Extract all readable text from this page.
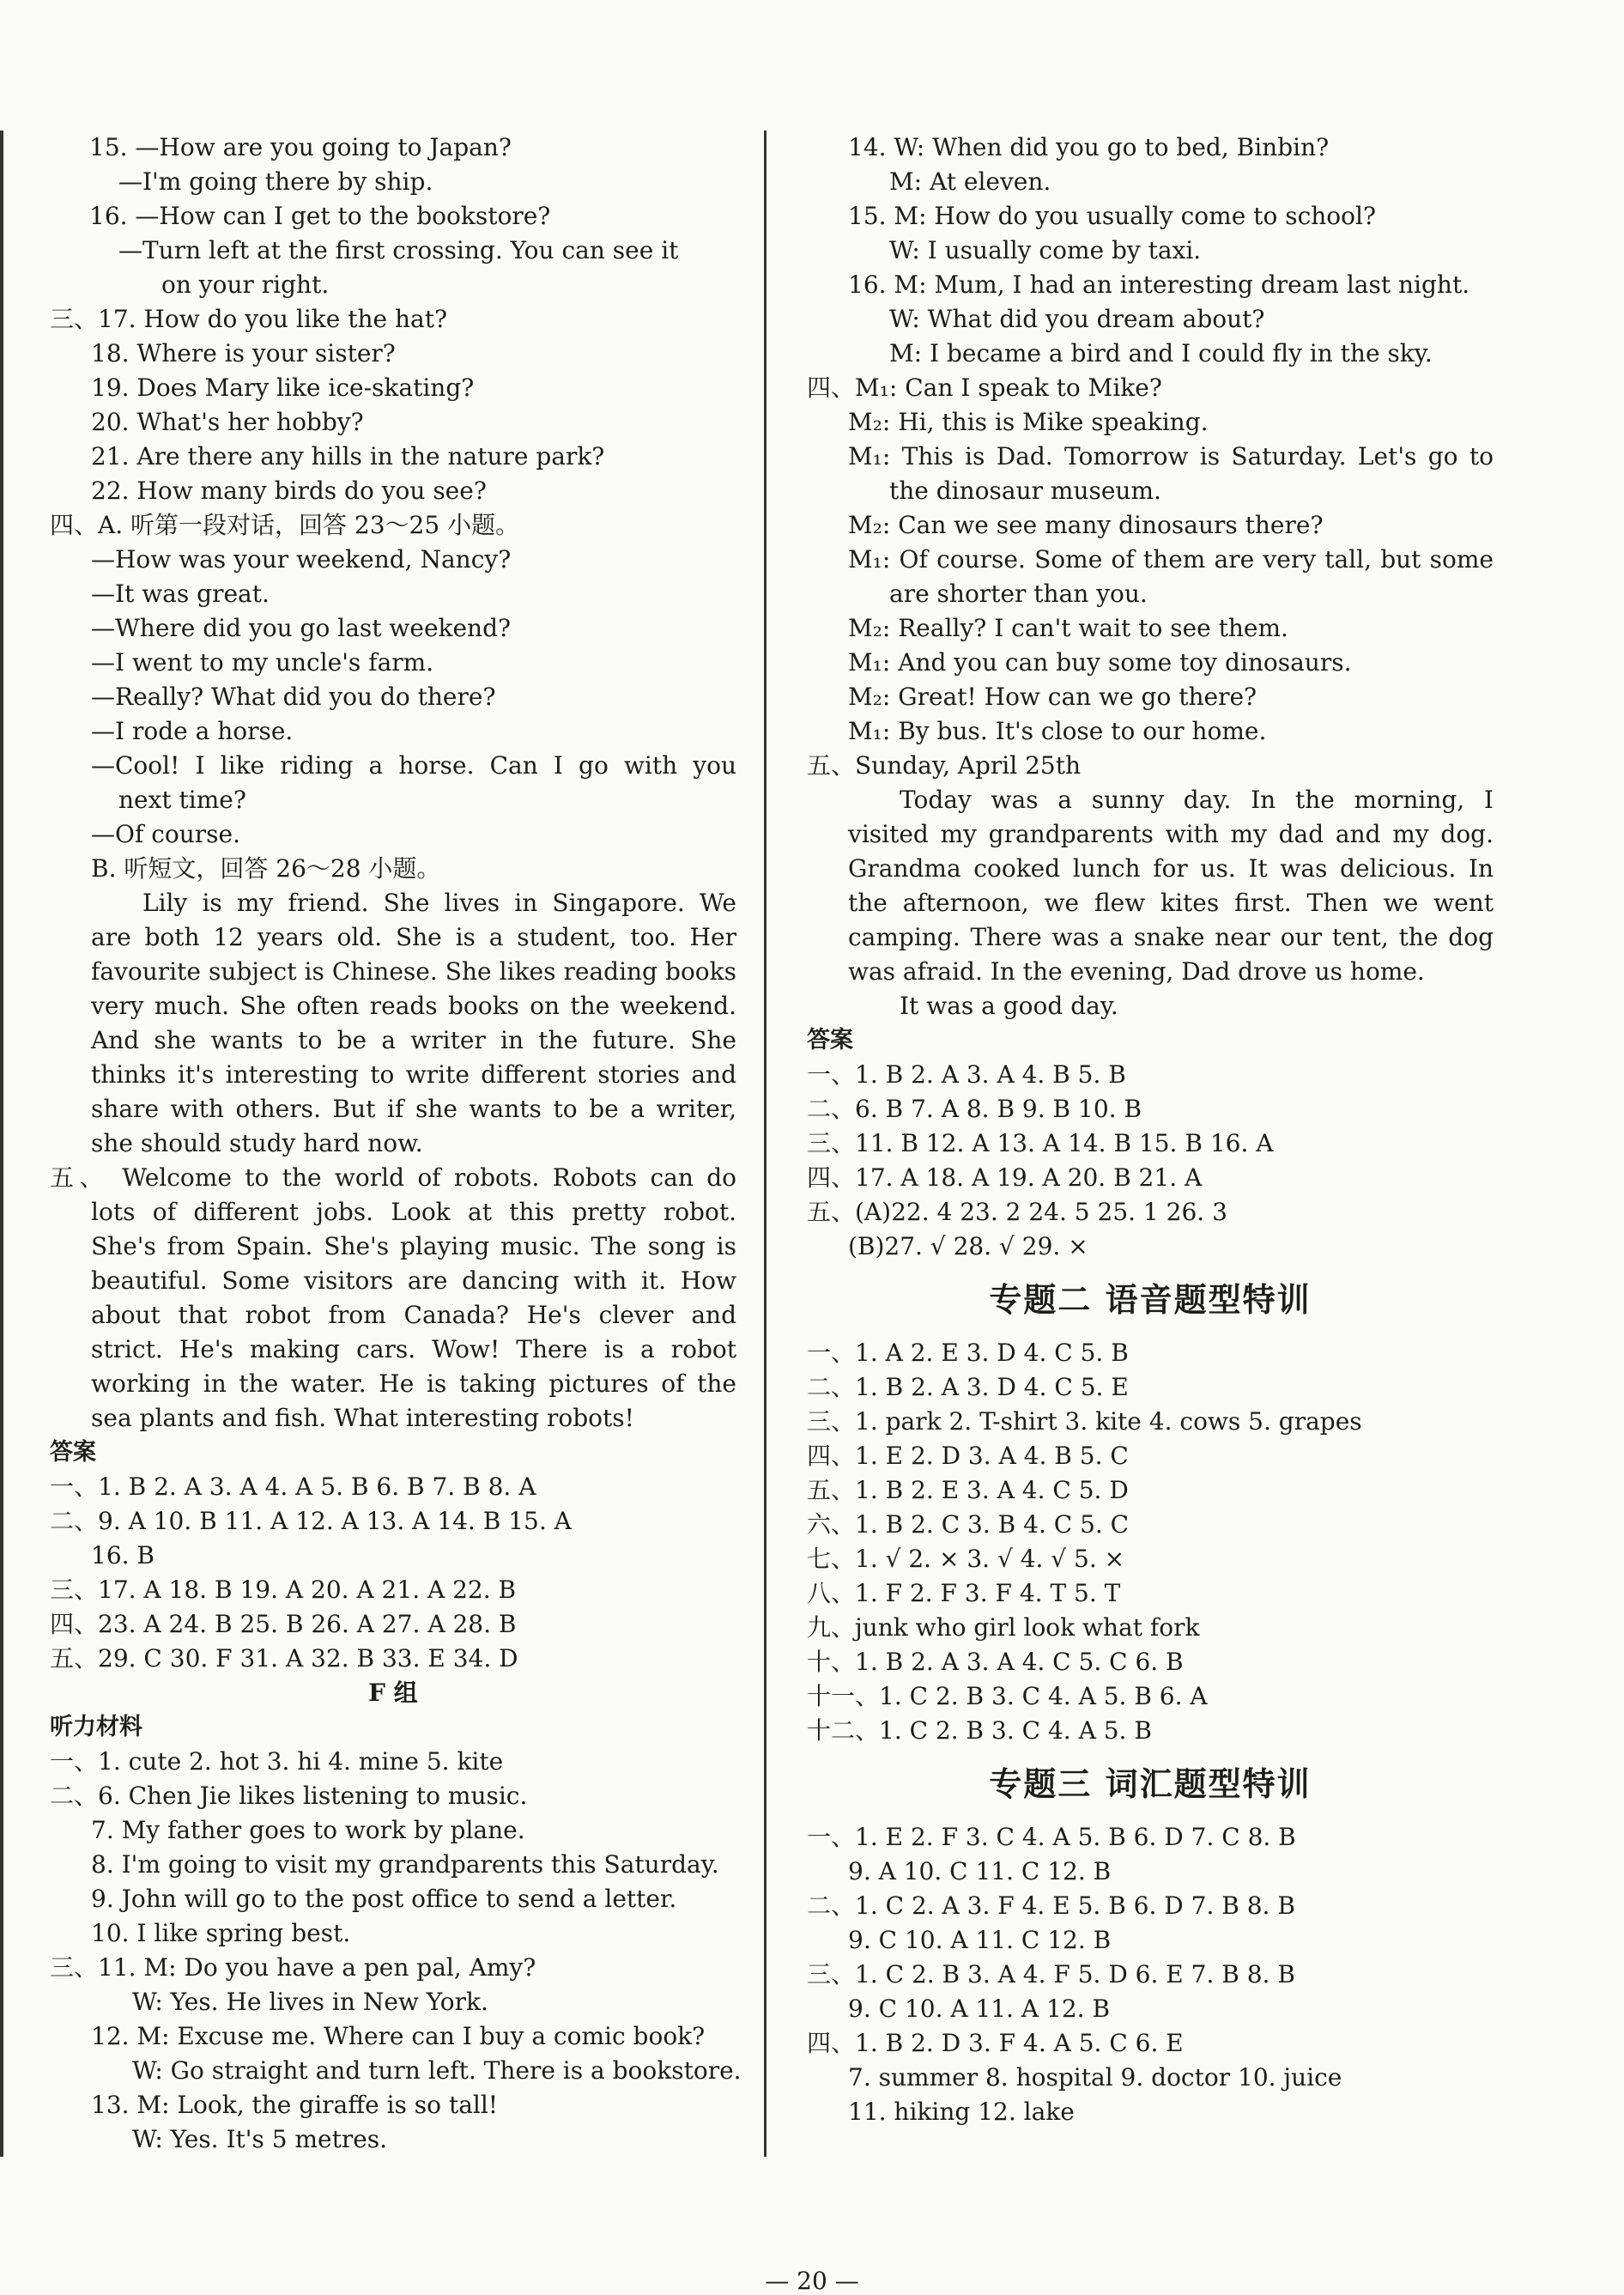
15. —How are you going to Japan?
—I'm going there by ship.
16. —How can I get to the bookstore?
—Turn left at the first crossing. You can see it
on your right.
三、17. How do you like the hat?
18. Where is your sister?
19. Does Mary like ice-skating?
20. What's her hobby?
21. Are there any hills in the nature park?
22. How many birds do you see?
四、A. 听第一段对话，回答 23～25 小题。
—How was your weekend, Nancy?
—It was great.
—Where did you go last weekend?
—I went to my uncle's farm.
—Really? What did you do there?
—I rode a horse.
—Cool! I like riding a horse. Can I go with you
next time?
—Of course.
B. 听短文，回答 26～28 小题。
Lily is my friend. She lives in Singapore. We
are both 12 years old. She is a student, too. Her
favourite subject is Chinese. She likes reading books
very much. She often reads books on the weekend.
And she wants to be a writer in the future. She
thinks it's interesting to write different stories and
share with others. But if she wants to be a writer,
she should study hard now.
五、 Welcome to the world of robots. Robots can do
lots of different jobs. Look at this pretty robot.
She's from Spain. She's playing music. The song is
beautiful. Some visitors are dancing with it. How
about that robot from Canada? He's clever and
strict. He's making cars. Wow! There is a robot
working in the water. He is taking pictures of the
sea plants and fish. What interesting robots!
答案
一、1. B 2. A 3. A 4. A 5. B 6. B 7. B 8. A
二、9. A 10. B 11. A 12. A 13. A 14. B 15. A
16. B
三、17. A 18. B 19. A 20. A 21. A 22. B
四、23. A 24. B 25. B 26. A 27. A 28. B
五、29. C 30. F 31. A 32. B 33. E 34. D
F 组
听力材料
一、1. cute 2. hot 3. hi 4. mine 5. kite
二、6. Chen Jie likes listening to music.
7. My father goes to work by plane.
8. I'm going to visit my grandparents this Saturday.
9. John will go to the post office to send a letter.
10. I like spring best.
三、11. M: Do you have a pen pal, Amy?
W: Yes. He lives in New York.
12. M: Excuse me. Where can I buy a comic book?
W: Go straight and turn left. There is a bookstore.
13. M: Look, the giraffe is so tall!
W: Yes. It's 5 metres.
14. W: When did you go to bed, Binbin?
M: At eleven.
15. M: How do you usually come to school?
W: I usually come by taxi.
16. M: Mum, I had an interesting dream last night.
W: What did you dream about?
M: I became a bird and I could fly in the sky.
四、M₁: Can I speak to Mike?
M₂: Hi, this is Mike speaking.
M₁: This is Dad. Tomorrow is Saturday. Let's go to
the dinosaur museum.
M₂: Can we see many dinosaurs there?
M₁: Of course. Some of them are very tall, but some
are shorter than you.
M₂: Really? I can't wait to see them.
M₁: And you can buy some toy dinosaurs.
M₂: Great! How can we go there?
M₁: By bus. It's close to our home.
五、Sunday, April 25th
Today was a sunny day. In the morning, I
visited my grandparents with my dad and my dog.
Grandma cooked lunch for us. It was delicious. In
the afternoon, we flew kites first. Then we went
camping. There was a snake near our tent, the dog
was afraid. In the evening, Dad drove us home.
It was a good day.
答案
一、1. B 2. A 3. A 4. B 5. B
二、6. B 7. A 8. B 9. B 10. B
三、11. B 12. A 13. A 14. B 15. B 16. A
四、17. A 18. A 19. A 20. B 21. A
五、(A)22. 4 23. 2 24. 5 25. 1 26. 3
(B)27. √ 28. √ 29. ×
专题二 语音题型特训
一、1. A 2. E 3. D 4. C 5. B
二、1. B 2. A 3. D 4. C 5. E
三、1. park 2. T-shirt 3. kite 4. cows 5. grapes
四、1. E 2. D 3. A 4. B 5. C
五、1. B 2. E 3. A 4. C 5. D
六、1. B 2. C 3. B 4. C 5. C
七、1. √ 2. × 3. √ 4. √ 5. ×
八、1. F 2. F 3. F 4. T 5. T
九、junk who girl look what fork
十、1. B 2. A 3. A 4. C 5. C 6. B
十一、1. C 2. B 3. C 4. A 5. B 6. A
十二、1. C 2. B 3. C 4. A 5. B
专题三 词汇题型特训
一、1. E 2. F 3. C 4. A 5. B 6. D 7. C 8. B
9. A 10. C 11. C 12. B
二、1. C 2. A 3. F 4. E 5. B 6. D 7. B 8. B
9. C 10. A 11. C 12. B
三、1. C 2. B 3. A 4. F 5. D 6. E 7. B 8. B
9. C 10. A 11. A 12. B
四、1. B 2. D 3. F 4. A 5. C 6. E
7. summer 8. hospital 9. doctor 10. juice
11. hiking 12. lake
— 20 —
